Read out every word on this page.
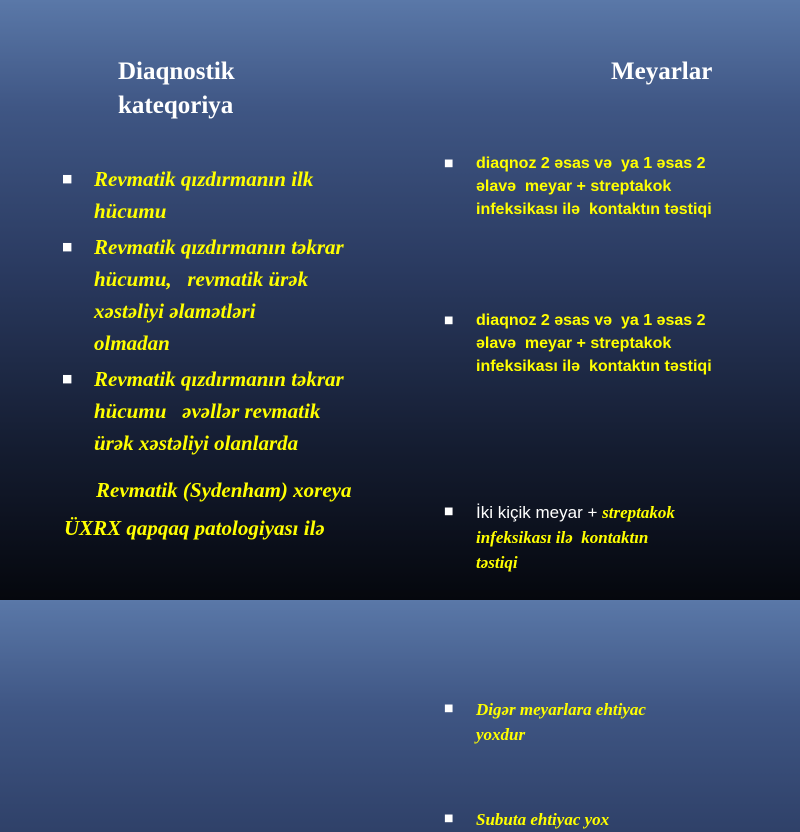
Diaqnostik
kateqoriya
Meyarlar
■ Revmatik qızdırmanın ilk
hücumu
■ Revmatik qızdırmanın tәkrar
hücumu,   revmatik ürәk
xәstәliyi әlamәtlәri
olmadan
■ Revmatik qızdırmanın tәkrar
hücumu   әvәllәr revmatik
ürәk xәstәliyi olanlarda
Revmatik (Sydenham) xoreya
ÜXRX qapqaq patologiyası ilә
■ diaqnoz 2 әsas vә  ya 1 әsas 2
әlavә  meyar + streptakok
infeksikası ilә  kontaktın tәstiqi
■ diaqnoz 2 әsas vә  ya 1 әsas 2
әlavә  meyar + streptakok
infeksikası ilә  kontaktın tәstiqi
■ İki kiçik meyar + streptakok
infeksikası ilә  kontaktın
tәstiqi
■ Digәr meyarlara ehtiyac
yoxdur
■ Subuta ehtiyac yox
